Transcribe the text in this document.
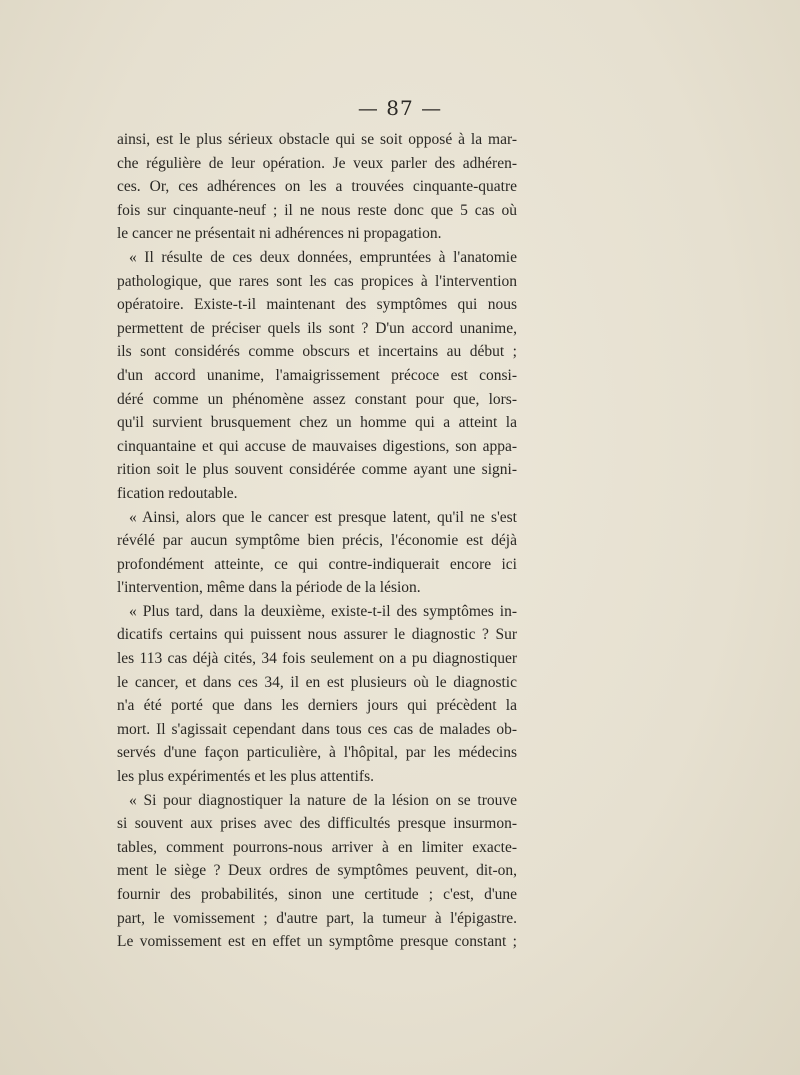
— 87 —
ainsi, est le plus sérieux obstacle qui se soit opposé à la mar-
che régulière de leur opération. Je veux parler des adhéren-
ces. Or, ces adhérences on les a trouvées cinquante-quatre
fois sur cinquante-neuf ; il ne nous reste donc que 5 cas où
le cancer ne présentait ni adhérences ni propagation.
« Il résulte de ces deux données, empruntées à l'anatomie
pathologique, que rares sont les cas propices à l'intervention
opératoire. Existe-t-il maintenant des symptômes qui nous
permettent de préciser quels ils sont ? D'un accord unanime,
ils sont considérés comme obscurs et incertains au début ;
d'un accord unanime, l'amaigrissement précoce est consi-
déré comme un phénomène assez constant pour que, lors-
qu'il survient brusquement chez un homme qui a atteint la
cinquantaine et qui accuse de mauvaises digestions, son appa-
rition soit le plus souvent considérée comme ayant une signi-
fication redoutable.
« Ainsi, alors que le cancer est presque latent, qu'il ne s'est
révélé par aucun symptôme bien précis, l'économie est déjà
profondément atteinte, ce qui contre-indiquerait encore ici
l'intervention, même dans la période de la lésion.
« Plus tard, dans la deuxième, existe-t-il des symptômes in-
dicatifs certains qui puissent nous assurer le diagnostic ? Sur
les 113 cas déjà cités, 34 fois seulement on a pu diagnostiquer
le cancer, et dans ces 34, il en est plusieurs où le diagnostic
n'a été porté que dans les derniers jours qui précèdent la
mort. Il s'agissait cependant dans tous ces cas de malades ob-
servés d'une façon particulière, à l'hôpital, par les médecins
les plus expérimentés et les plus attentifs.
« Si pour diagnostiquer la nature de la lésion on se trouve
si souvent aux prises avec des difficultés presque insurmon-
tables, comment pourrons-nous arriver à en limiter exacte-
ment le siège ? Deux ordres de symptômes peuvent, dit-on,
fournir des probabilités, sinon une certitude ; c'est, d'une
part, le vomissement ; d'autre part, la tumeur à l'épigastre.
Le vomissement est en effet un symptôme presque constant ;
